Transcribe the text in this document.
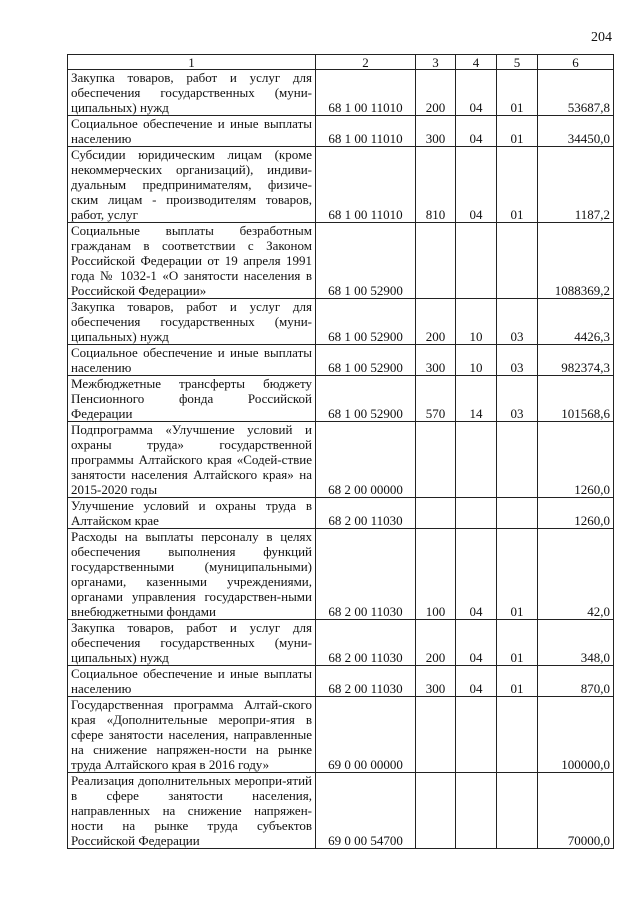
204
1	2	3	4	5	6
Закупка товаров, работ и услуг для обеспечения государственных (муни-ципальных) нужд	68 1 00 11010	200	04	01	53687,8
Социальное обеспечение и иные выплаты населению	68 1 00 11010	300	04	01	34450,0
Субсидии юридическим лицам (кроме некоммерческих организаций), индиви-дуальным предпринимателям, физиче-ским лицам - производителям товаров, работ, услуг	68 1 00 11010	810	04	01	1187,2
Социальные выплаты безработным гражданам в соответствии с Законом Российской Федерации от 19 апреля 1991 года № 1032-1 «О занятости населения в Российской Федерации»	68 1 00 52900				1088369,2
Закупка товаров, работ и услуг для обеспечения государственных (муни-ципальных) нужд	68 1 00 52900	200	10	03	4426,3
Социальное обеспечение и иные выплаты населению	68 1 00 52900	300	10	03	982374,3
Межбюджетные трансферты бюджету Пенсионного фонда Российской Федерации	68 1 00 52900	570	14	03	101568,6
Подпрограмма «Улучшение условий и охраны труда» государственной программы Алтайского края «Содей-ствие занятости населения Алтайского края» на 2015-2020 годы	68 2 00 00000				1260,0
Улучшение условий и охраны труда в Алтайском крае	68 2 00 11030				1260,0
Расходы на выплаты персоналу в целях обеспечения выполнения функций государственными (муниципальными) органами, казенными учреждениями, органами управления государствен-ными внебюджетными фондами	68 2 00 11030	100	04	01	42,0
Закупка товаров, работ и услуг для обеспечения государственных (муни-ципальных) нужд	68 2 00 11030	200	04	01	348,0
Социальное обеспечение и иные выплаты населению	68 2 00 11030	300	04	01	870,0
Государственная программа Алтай-ского края «Дополнительные меропри-ятия в сфере занятости населения, направленные на снижение напряжен-ности на рынке труда Алтайского края в 2016 году»	69 0 00 00000				100000,0
Реализация дополнительных меропри-ятий в сфере занятости населения, направленных на снижение напряжен-ности на рынке труда субъектов Российской Федерации	69 0 00 54700				70000,0
